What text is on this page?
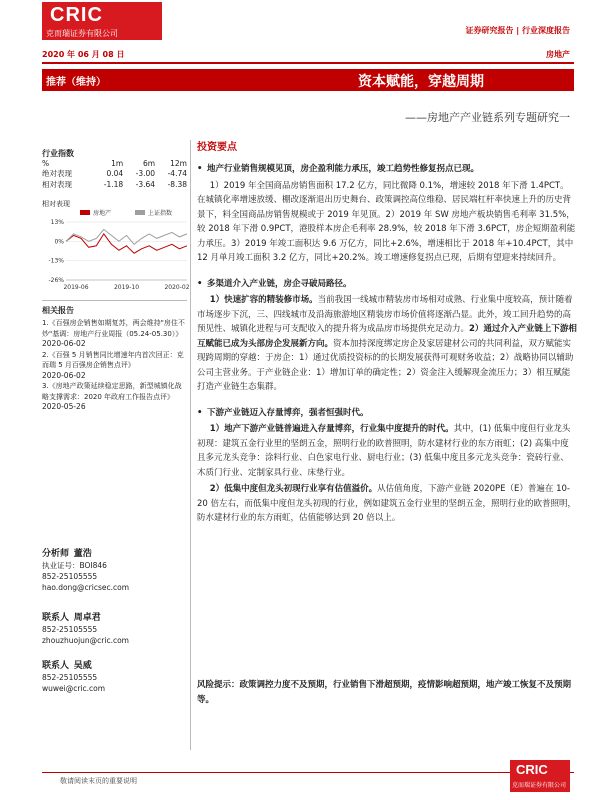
CRIC
克而瑞证券有限公司	证券研究报告 | 行业深度报告
2020 年 06 月 08 日	房地产
推荐（维持）	资本赋能，穿越周期
——房地产产业链系列专题研究一
投资要点
行业指数
%	1m	6m	12m
绝对表现	0.04	-3.00	-4.74
相对表现	-1.18	-3.64	-8.38
相对表现
房地产	上证指数
13%
0%
-13%
-26%
2019-06	2019-10	2020-02
相关报告

1.《百强房企销售如期复苏，两会维持"房住不炒"基调：房地产行业周报（05.24-05.30）》
2020-06-02

2.《百强 5 月销售同比增速年内首次回正：克而瑞 5 月百强房企销售点评》
2020-06-02

3.《房地产政策延续稳定思路，新型城镇化战略支撑需求：2020 年政府工作报告点评》
2020-05-26

分析师 董浩
执业证号：BOI846
852-25105555
hao.dong@cricsec.com
联系人 周卓君
852-25105555
zhouzhuojun@cric.com
联系人 吴威
852-25105555
wuwei@cric.com

• 地产行业销售规模见顶，房企盈利能力承压，竣工趋势性修复拐点已现。

1）2019 年全国商品房销售面积 17.2 亿方，同比微降 0.1%，增速较 2018 年下滑 1.4PCT。在城镇化率增速放缓、棚改逐渐退出历史舞台、政策调控高位维稳、居民端杠杆率快速上升的历史背景下，料全国商品房销售规模或于 2019 年见顶。2）2019 年 SW 房地产板块销售毛利率 31.5%，较 2018 年下滑 0.9PCT，港股样本房企毛利率 28.9%，较 2018 年下滑 3.6PCT，房企短期盈利能力承压。3）2019 年竣工面积达 9.6 万亿方，同比+2.6%，增速相比于 2018 年+10.4PCT，其中 12 月单月竣工面积 3.2 亿方，同比+20.2%。竣工增速修复拐点已现，后期有望迎来持续回升。

• 多渠道介入产业链，房企寻破局路径。

1）快速扩容的精装修市场。当前我国一线城市精装房市场相对成熟、行业集中度较高，预计随着市场逐步下沉，三、四线城市及沿海旅游地区精装房市场价值将逐渐凸显。此外，竣工回升趋势的高预见性、城镇化进程与可支配收入的提升将为成品房市场提供充足动力。2）通过介入产业链上下游相互赋能已成为头部房企发展新方向。资本加持深度绑定房企及家居建材公司的共同利益，双方赋能实现跨周期的穿越：于房企：1）通过优质投资标的的长期发展获得可观财务收益；2）战略协同以辅助公司主营业务。于产业链企业：1）增加订单的确定性；2）资金注入缓解现金流压力；3）相互赋能打造产业链生态集群。

• 下游产业链迈入存量博弈，强者恒强时代。

1）地产下游产业链普遍进入存量博弈，行业集中度提升的时代。其中，(1) 低集中度但行业龙头初现：建筑五金行业里的坚朗五金，照明行业的欧普照明，防水建材行业的东方雨虹；(2) 高集中度且多元龙头竞争：涂料行业、白色家电行业、厨电行业；(3) 低集中度且多元龙头竞争：瓷砖行业、木质门行业、定制家具行业、床垫行业。

2）低集中度但龙头初现行业享有估值溢价。从估值角度，下游产业链 2020PE（E）普遍在 10-20 倍左右，而低集中度但龙头初现的行业，例如建筑五金行业里的坚朗五金，照明行业的欧普照明，防水建材行业的东方雨虹，估值能够达到 20 倍以上。

风险提示：政策调控力度不及预期，行业销售下滑超预期，疫情影响超预期，地产竣工恢复不及预期等。
敬请阅读末页的重要说明
CRIC
克而瑞证券有限公司
